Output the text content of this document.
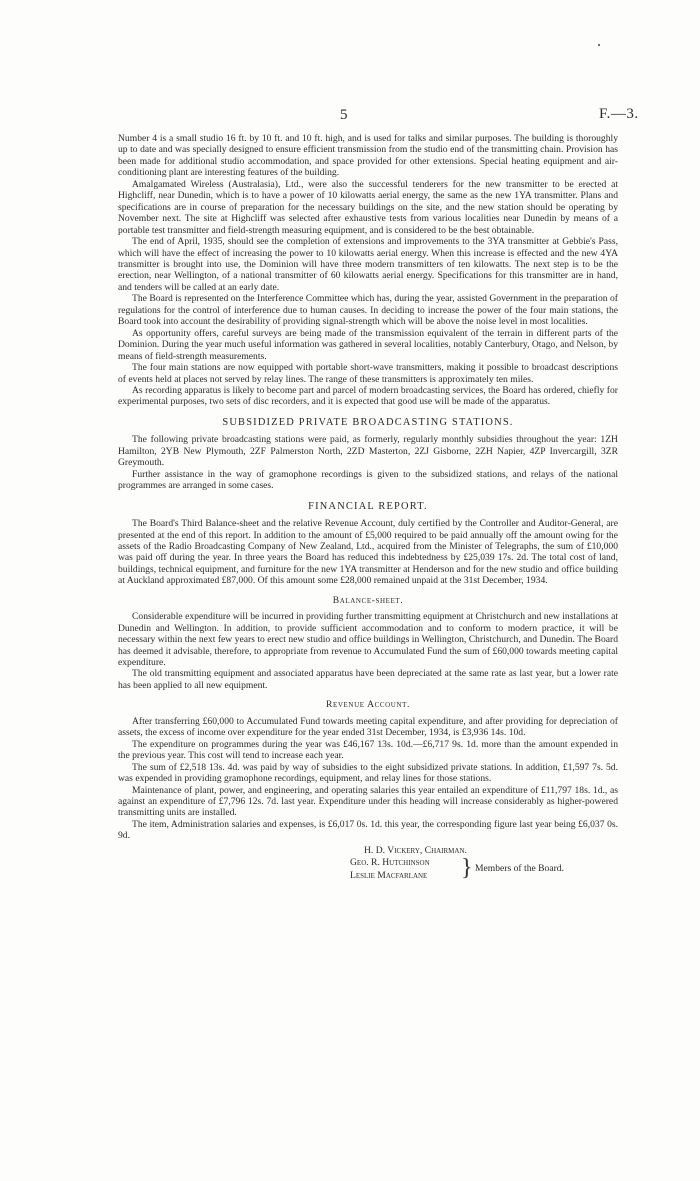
5	F.—3.

Number 4 is a small studio 16 ft. by 10 ft. and 10 ft. high, and is used for talks and similar purposes. The building is thoroughly up to date and was specially designed to ensure efficient transmission from the studio end of the transmitting chain. Provision has been made for additional studio accommodation, and space provided for other extensions. Special heating equipment and air-conditioning plant are interesting features of the building.

Amalgamated Wireless (Australasia), Ltd., were also the successful tenderers for the new transmitter to be erected at Highcliff, near Dunedin, which is to have a power of 10 kilowatts aerial energy, the same as the new 1YA transmitter. Plans and specifications are in course of preparation for the necessary buildings on the site, and the new station should be operating by November next. The site at Highcliff was selected after exhaustive tests from various localities near Dunedin by means of a portable test transmitter and field-strength measuring equipment, and is considered to be the best obtainable.

The end of April, 1935, should see the completion of extensions and improvements to the 3YA transmitter at Gebbie's Pass, which will have the effect of increasing the power to 10 kilowatts aerial energy. When this increase is effected and the new 4YA transmitter is brought into use, the Dominion will have three modern transmitters of ten kilowatts. The next step is to be the erection, near Wellington, of a national transmitter of 60 kilowatts aerial energy. Specifications for this transmitter are in hand, and tenders will be called at an early date.

The Board is represented on the Interference Committee which has, during the year, assisted Government in the preparation of regulations for the control of interference due to human causes. In deciding to increase the power of the four main stations, the Board took into account the desirability of providing signal-strength which will be above the noise level in most localities.

As opportunity offers, careful surveys are being made of the transmission equivalent of the terrain in different parts of the Dominion. During the year much useful information was gathered in several localities, notably Canterbury, Otago, and Nelson, by means of field-strength measurements.

The four main stations are now equipped with portable short-wave transmitters, making it possible to broadcast descriptions of events held at places not served by relay lines. The range of these transmitters is approximately ten miles.

As recording apparatus is likely to become part and parcel of modern broadcasting services, the Board has ordered, chiefly for experimental purposes, two sets of disc recorders, and it is expected that good use will be made of the apparatus.

SUBSIDIZED PRIVATE BROADCASTING STATIONS.

The following private broadcasting stations were paid, as formerly, regularly monthly subsidies throughout the year: 1ZH Hamilton, 2YB New Plymouth, 2ZF Palmerston North, 2ZD Masterton, 2ZJ Gisborne, 2ZH Napier, 4ZP Invercargill, 3ZR Greymouth.

Further assistance in the way of gramophone recordings is given to the subsidized stations, and relays of the national programmes are arranged in some cases.

FINANCIAL REPORT.

The Board's Third Balance-sheet and the relative Revenue Account, duly certified by the Controller and Auditor-General, are presented at the end of this report. In addition to the amount of £5,000 required to be paid annually off the amount owing for the assets of the Radio Broadcasting Company of New Zealand, Ltd., acquired from the Minister of Telegraphs, the sum of £10,000 was paid off during the year. In three years the Board has reduced this indebtedness by £25,039 17s. 2d. The total cost of land, buildings, technical equipment, and furniture for the new 1YA transmitter at Henderson and for the new studio and office building at Auckland approximated £87,000. Of this amount some £28,000 remained unpaid at the 31st December, 1934.

Balance-sheet.

Considerable expenditure will be incurred in providing further transmitting equipment at Christchurch and new installations at Dunedin and Wellington. In addition, to provide sufficient accommodation and to conform to modern practice, it will be necessary within the next few years to erect new studio and office buildings in Wellington, Christchurch, and Dunedin. The Board has deemed it advisable, therefore, to appropriate from revenue to Accumulated Fund the sum of £60,000 towards meeting capital expenditure.

The old transmitting equipment and associated apparatus have been depreciated at the same rate as last year, but a lower rate has been applied to all new equipment.

Revenue Account.

After transferring £60,000 to Accumulated Fund towards meeting capital expenditure, and after providing for depreciation of assets, the excess of income over expenditure for the year ended 31st December, 1934, is £3,936 14s. 10d.

The expenditure on programmes during the year was £46,167 13s. 10d.—£6,717 9s. 1d. more than the amount expended in the previous year. This cost will tend to increase each year.

The sum of £2,518 13s. 4d. was paid by way of subsidies to the eight subsidized private stations. In addition, £1,597 7s. 5d. was expended in providing gramophone recordings, equipment, and relay lines for those stations.

Maintenance of plant, power, and engineering, and operating salaries this year entailed an expenditure of £11,797 18s. 1d., as against an expenditure of £7,796 12s. 7d. last year. Expenditure under this heading will increase considerably as higher-powered transmitting units are installed.

The item, Administration salaries and expenses, is £6,017 0s. 1d. this year, the corresponding figure last year being £6,037 0s. 9d.

H. D. Vickery, Chairman.
Geo. R. Hutchinson
Leslie Macfarlane } Members of the Board.
